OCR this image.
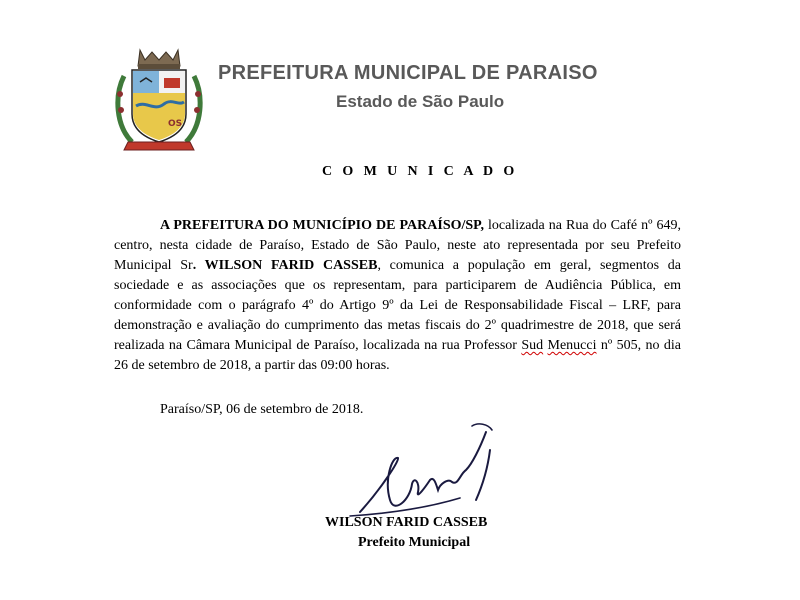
OS
PREFEITURA MUNICIPAL DE PARAISO
Estado de São Paulo
C O M U N I C A D O

A PREFEITURA DO MUNICÍPIO DE PARAÍSO/SP, localizada na Rua do Café nº 649, centro, nesta cidade de Paraíso, Estado de São Paulo, neste ato representada por seu Prefeito Municipal Sr. WILSON FARID CASSEB, comunica a população em geral, segmentos da sociedade e as associações que os representam, para participarem de Audiência Pública, em conformidade com o parágrafo 4º do Artigo 9º da Lei de Responsabilidade Fiscal – LRF, para demonstração e avaliação do cumprimento das metas fiscais do 2º quadrimestre de 2018, que será realizada na Câmara Municipal de Paraíso, localizada na rua Professor Sud Menucci nº 505, no dia 26 de setembro de 2018, a partir das 09:00 horas.

Paraíso/SP, 06 de setembro de 2018.
WILSON FARID CASSEB
Prefeito Municipal
